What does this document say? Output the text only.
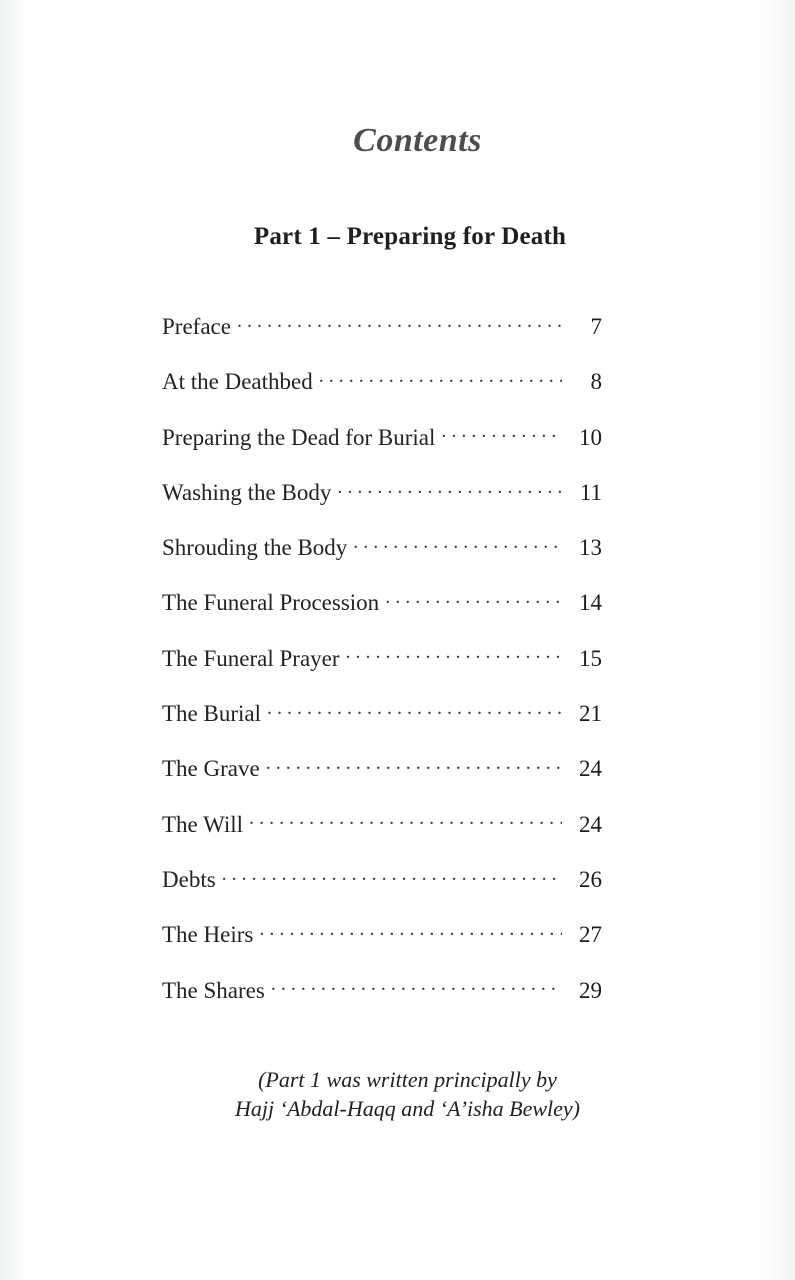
Contents
Part 1 – Preparing for Death
Preface . . .	7
At the Deathbed . . .	8
Preparing the Dead for Burial . . .	10
Washing the Body . . .	11
Shrouding the Body . . .	13
The Funeral Procession . . .	14
The Funeral Prayer . . .	15
The Burial . . .	21
The Grave . . .	24
The Will . . .	24
Debts . . .	26
The Heirs . . .	27
The Shares . . .	29
(Part 1 was written principally by
Hajj ‘Abdal-Haqq and ‘A’isha Bewley)
